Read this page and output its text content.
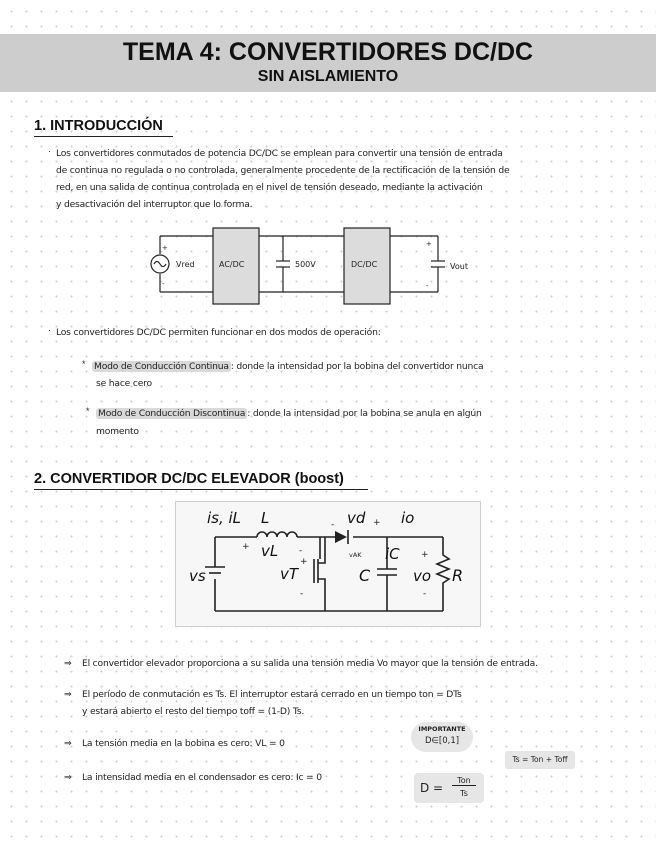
TEMA 4: CONVERTIDORES DC/DC
SIN AISLAMIENTO
1. INTRODUCCIÓN
· Los convertidores conmutados de potencia DC/DC se emplean para convertir una tensión de entrada
de continua no regulada o no controlada, generalmente procedente de la rectificación de la tensión de
red, en una salida de continua controlada en el nivel de tensión deseado, mediante la activación
y desactivación del interruptor que lo forma.
+
-
+
-
Vred	AC/DC	500V	DC/DC	Vout
· Los convertidores DC/DC permiten funcionar en dos modos de operación:
* Modo de Conducción Continua : donde la intensidad por la bobina del convertidor nunca
se hace cero
* Modo de Conducción Discontinua : donde la intensidad por la bobina se anula en algún
momento
2. CONVERTIDOR DC/DC ELEVADOR (boost)
is, iL L
+ vL -
- vd + io
vAK iC
+
vT
-
vs	C
+
vo
-
R
⇒ El convertidor elevador proporciona a su salida una tensión media Vo mayor que la tensión de entrada.
⇒ El período de conmutación es Ts. El interruptor estará cerrado en un tiempo ton = DTs
y estará abierto el resto del tiempo toff = (1-D) Ts.
⇒ La tensión media en la bobina es cero: VL = 0
⇒ La intensidad media en el condensador es cero: Ic = 0
IMPORTANTE
D∈[0,1]
Ts = Ton + Toff
D =
Ton
Ts
